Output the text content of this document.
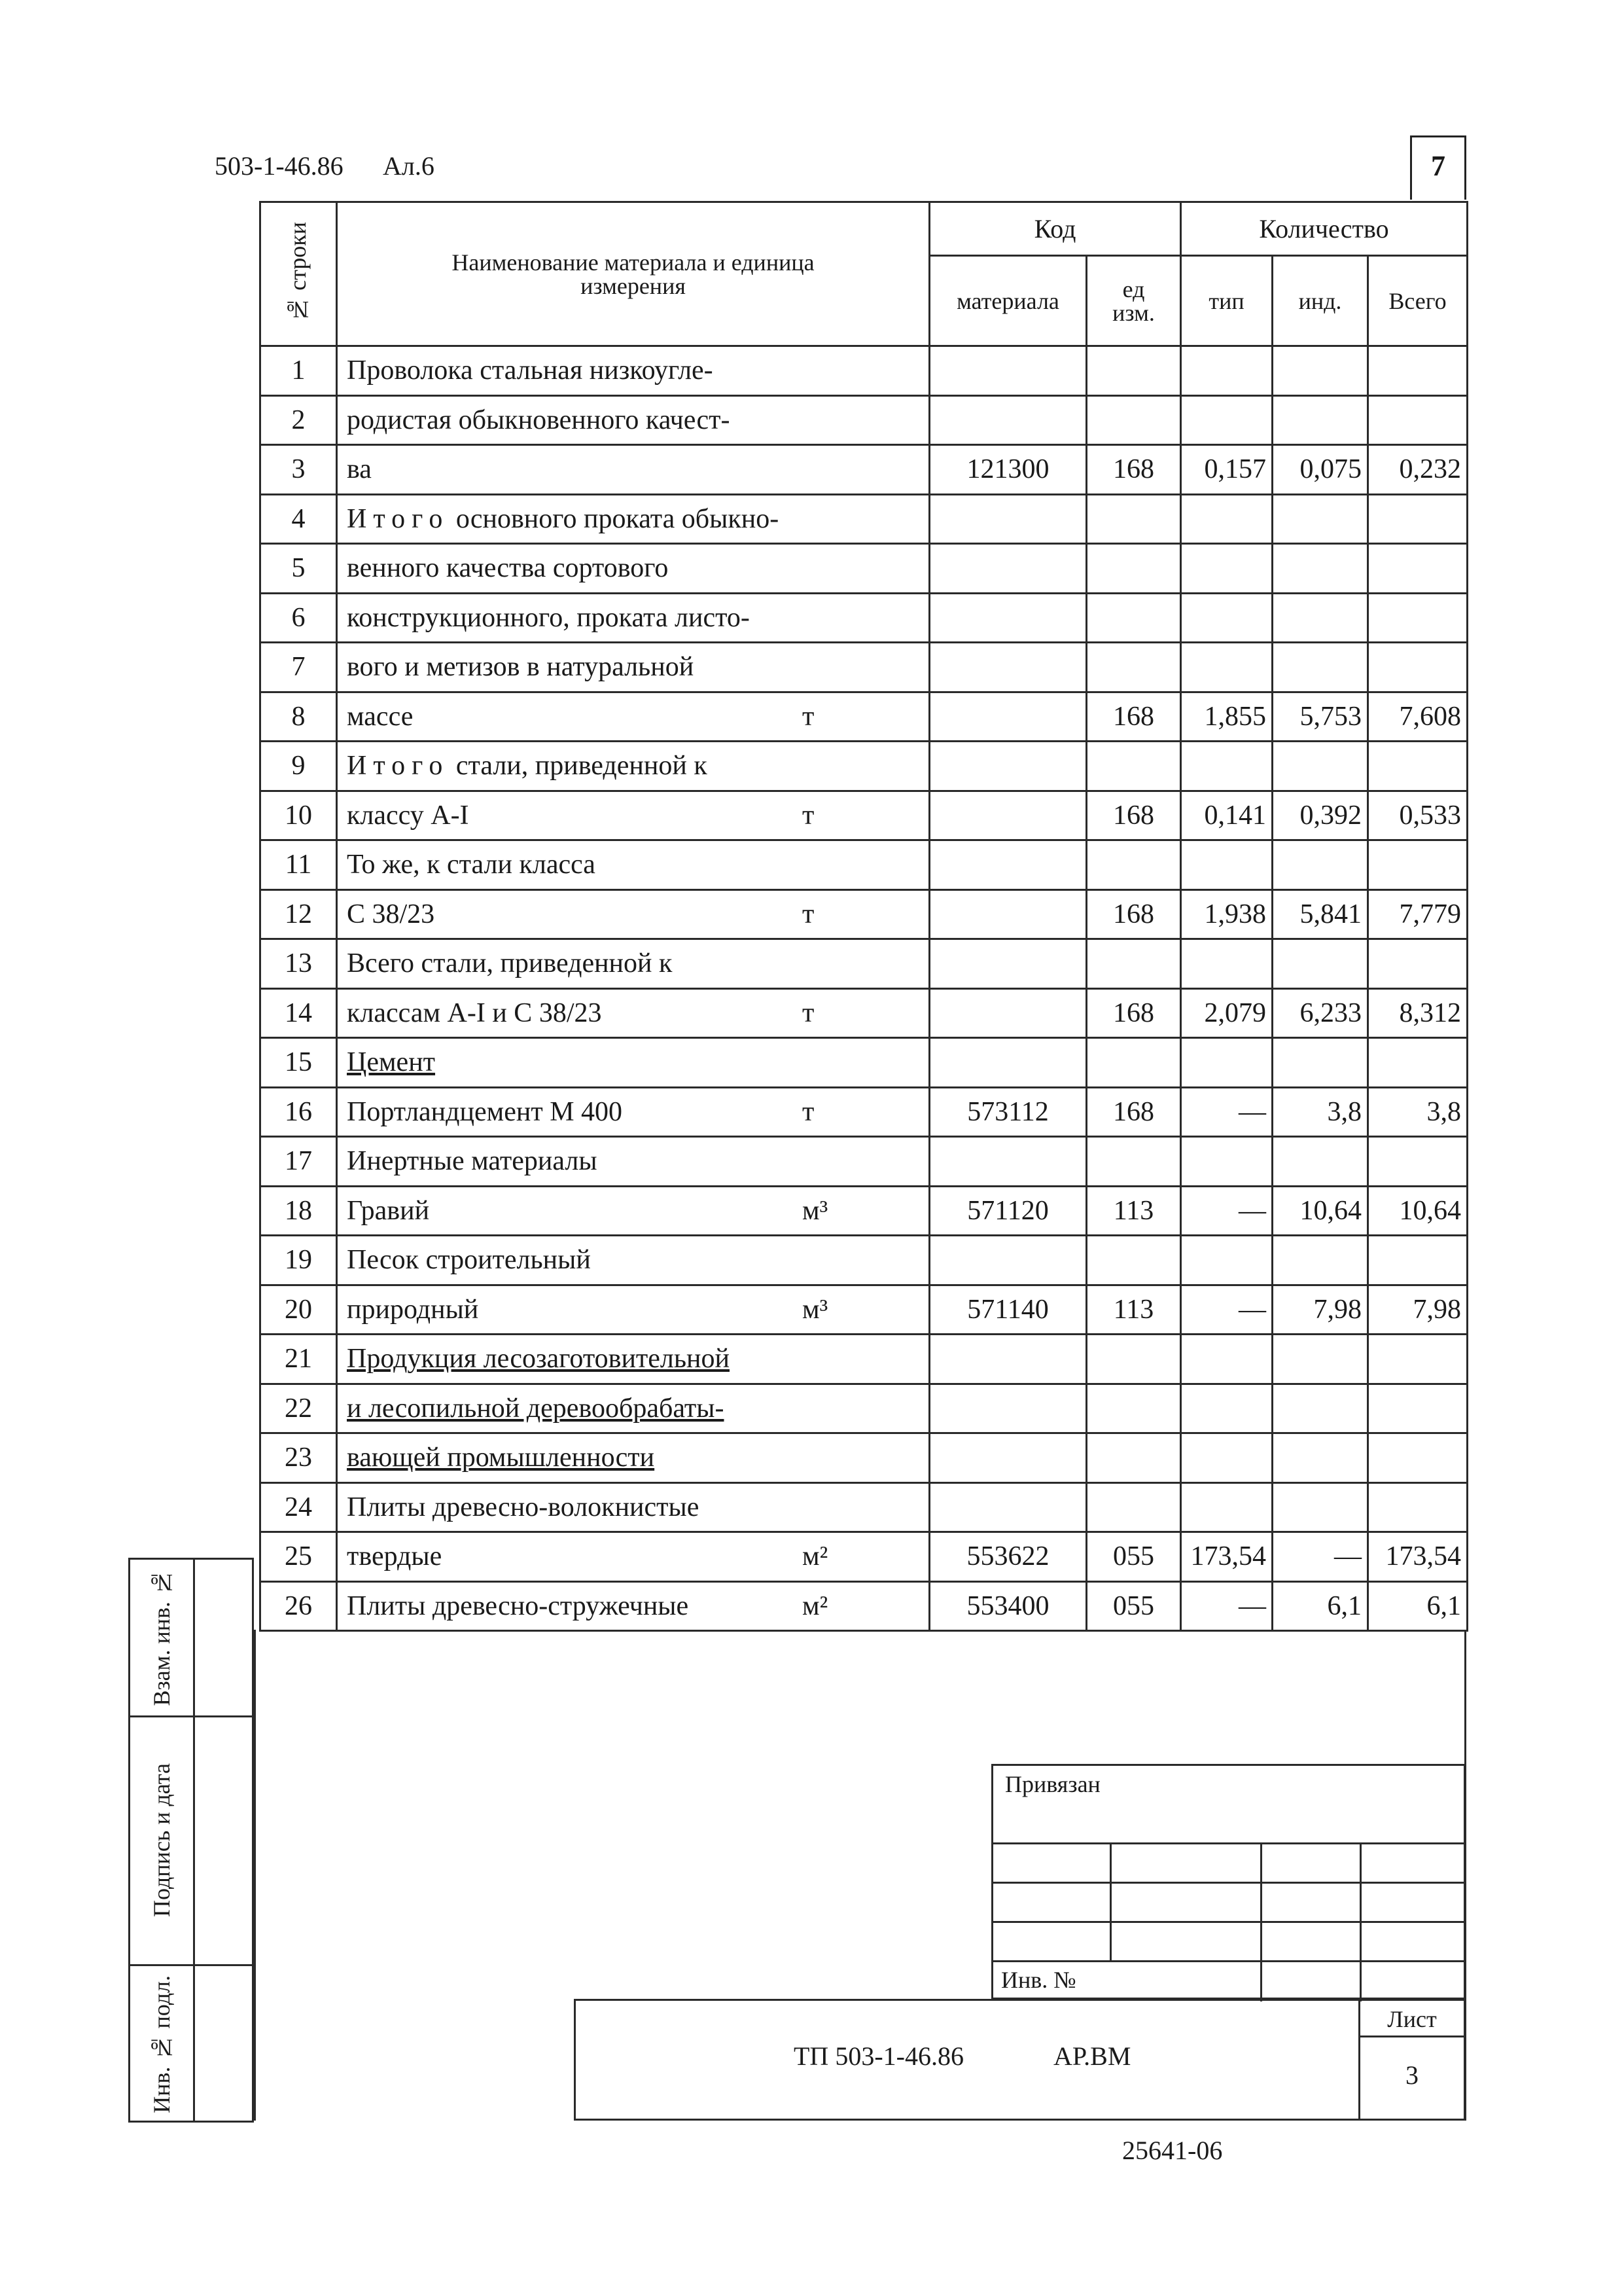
503-1-46.86 Ал.6	7
№ строки	Наименование материала и единица измерения	Код		Количество		
		материала	ед изм.	тип	инд.	Всего
1	Проволока стальная низкоугле-

2	родистая обыкновенного качест-

3	ва	121300	168	0,157	0,075	0,232
4	Итого основного проката обыкно-

5	венного качества сортового

6	конструкционного, проката листо-

7	вого и метизов в натуральной

8	массе т		168	1,855	5,753	7,608
9	Итого стали, приведенной к

10	классу А-I т		168	0,141	0,392	0,533
11	То же, к стали класса

12	С 38/23 т		168	1,938	5,841	7,779
13	Всего стали, приведенной к

14	классам А-I и С 38/23 т		168	2,079	6,233	8,312
15	Цемент

16	Портландцемент М 400 т	573112	168	—	3,8	3,8
17	Инертные материалы

18	Гравий м³	571120	113	—	10,64	10,64
19	Песок строительный

20	природный м³	571140	113	—	7,98	7,98
21	Продукция лесозаготовительной

22	и лесопильной деревообрабаты-

23	вающей промышленности

24	Плиты древесно-волокнистые

25	твердые м²	553622	055	173,54	—	173,54
26	Плиты древесно-стружечные м²	553400	055	—	6,1	6,1
Взам. инв. №
Подпись и дата
Инв. № подл.
Привязан
Инв. №
ТП 503-1-46.86	АР.ВМ
Лист
3
25641-06
